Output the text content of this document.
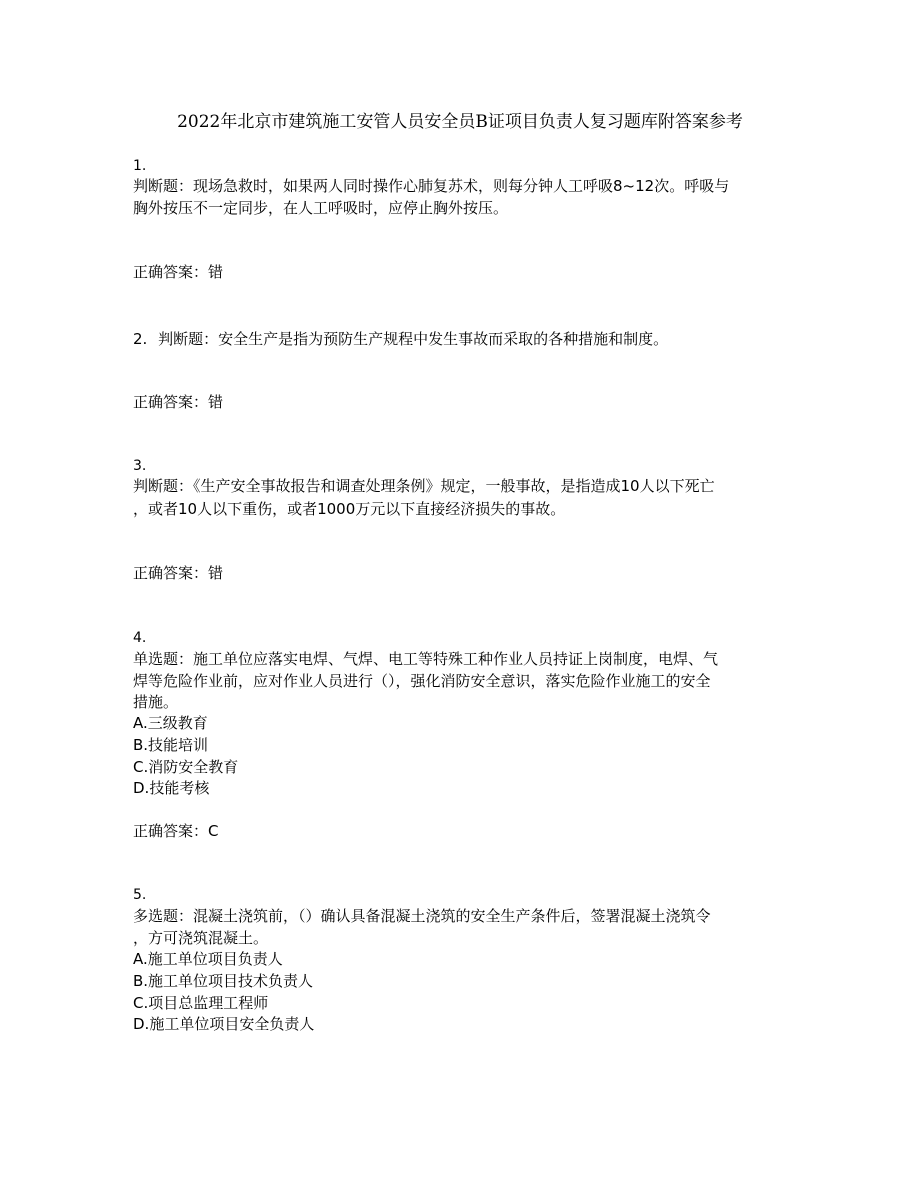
2022年北京市建筑施工安管人员安全员B证项目负责人复习题库附答案参考
1.
判断题：现场急救时，如果两人同时操作心肺复苏术，则每分钟人工呼吸8~12次。呼吸与
胸外按压不一定同步，在人工呼吸时，应停止胸外按压。
正确答案：错
2. 判断题：安全生产是指为预防生产规程中发生事故而采取的各种措施和制度。
正确答案：错
3.
判断题：《生产安全事故报告和调查处理条例》规定，一般事故，是指造成10人以下死亡
，或者10人以下重伤，或者1000万元以下直接经济损失的事故。
正确答案：错
4.
单选题：施工单位应落实电焊、气焊、电工等特殊工种作业人员持证上岗制度，电焊、气
焊等危险作业前，应对作业人员进行（），强化消防安全意识，落实危险作业施工的安全
措施。
A.三级教育
B.技能培训
C.消防安全教育
D.技能考核
正确答案：C
5.
多选题：混凝土浇筑前，（）确认具备混凝土浇筑的安全生产条件后，签署混凝土浇筑令
，方可浇筑混凝土。
A.施工单位项目负责人
B.施工单位项目技术负责人
C.项目总监理工程师
D.施工单位项目安全负责人
